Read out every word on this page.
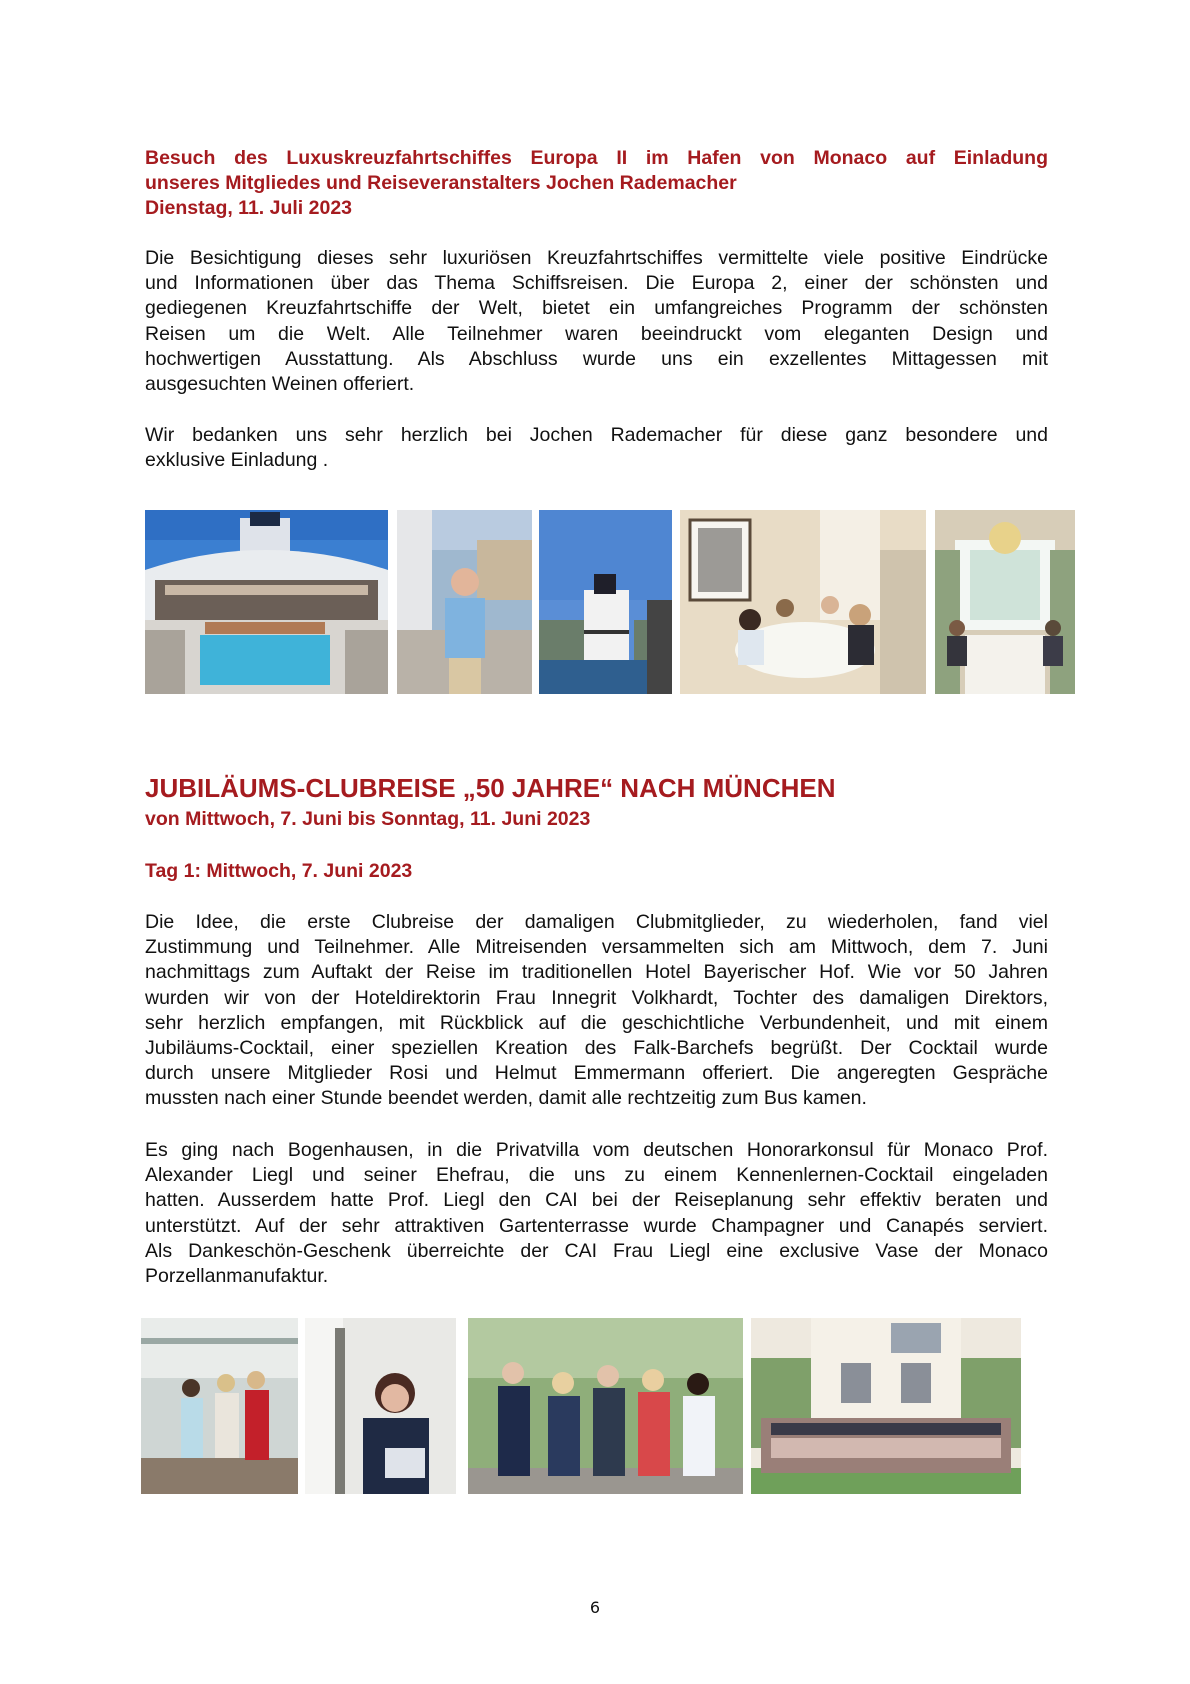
Besuch des Luxuskreuzfahrtschiffes Europa II im Hafen von Monaco auf Einladung
unseres Mitgliedes und Reiseveranstalters Jochen Rademacher
Dienstag, 11. Juli 2023
Die Besichtigung dieses sehr luxuriösen Kreuzfahrtschiffes vermittelte viele positive Eindrücke
und Informationen über das Thema Schiffsreisen. Die Europa 2, einer der schönsten und
gediegenen Kreuzfahrtschiffe der Welt, bietet ein umfangreiches Programm der schönsten
Reisen um die Welt. Alle Teilnehmer waren beeindruckt vom eleganten Design und
hochwertigen Ausstattung. Als Abschluss wurde uns ein exzellentes Mittagessen mit
ausgesuchten Weinen offeriert.
Wir bedanken uns sehr herzlich bei Jochen Rademacher für diese ganz besondere und
exklusive Einladung .
JUBILÄUMS-CLUBREISE „50 JAHRE“ NACH MÜNCHEN
von Mittwoch, 7. Juni bis Sonntag, 11. Juni 2023
Tag 1: Mittwoch, 7. Juni 2023
Die Idee, die erste Clubreise der damaligen Clubmitglieder, zu wiederholen, fand viel
Zustimmung und Teilnehmer. Alle Mitreisenden versammelten sich am Mittwoch, dem 7. Juni
nachmittags zum Auftakt der Reise im traditionellen Hotel Bayerischer Hof. Wie vor 50 Jahren
wurden wir von der Hoteldirektorin Frau Innegrit Volkhardt, Tochter des damaligen Direktors,
sehr herzlich empfangen, mit Rückblick auf die geschichtliche Verbundenheit, und mit einem
Jubiläums-Cocktail, einer speziellen Kreation des Falk-Barchefs begrüßt. Der Cocktail wurde
durch unsere Mitglieder Rosi und Helmut Emmermann offeriert. Die angeregten Gespräche
mussten nach einer Stunde beendet werden, damit alle rechtzeitig zum Bus kamen.
Es ging nach Bogenhausen, in die Privatvilla vom deutschen Honorarkonsul für Monaco Prof.
Alexander Liegl und seiner Ehefrau, die uns zu einem Kennenlernen-Cocktail eingeladen
hatten. Ausserdem hatte Prof. Liegl den CAI bei der Reiseplanung sehr effektiv beraten und
unterstützt. Auf der sehr attraktiven Gartenterrasse wurde Champagner und Canapés serviert.
Als Dankeschön-Geschenk überreichte der CAI Frau Liegl eine exclusive Vase der Monaco
Porzellanmanufaktur.
6
